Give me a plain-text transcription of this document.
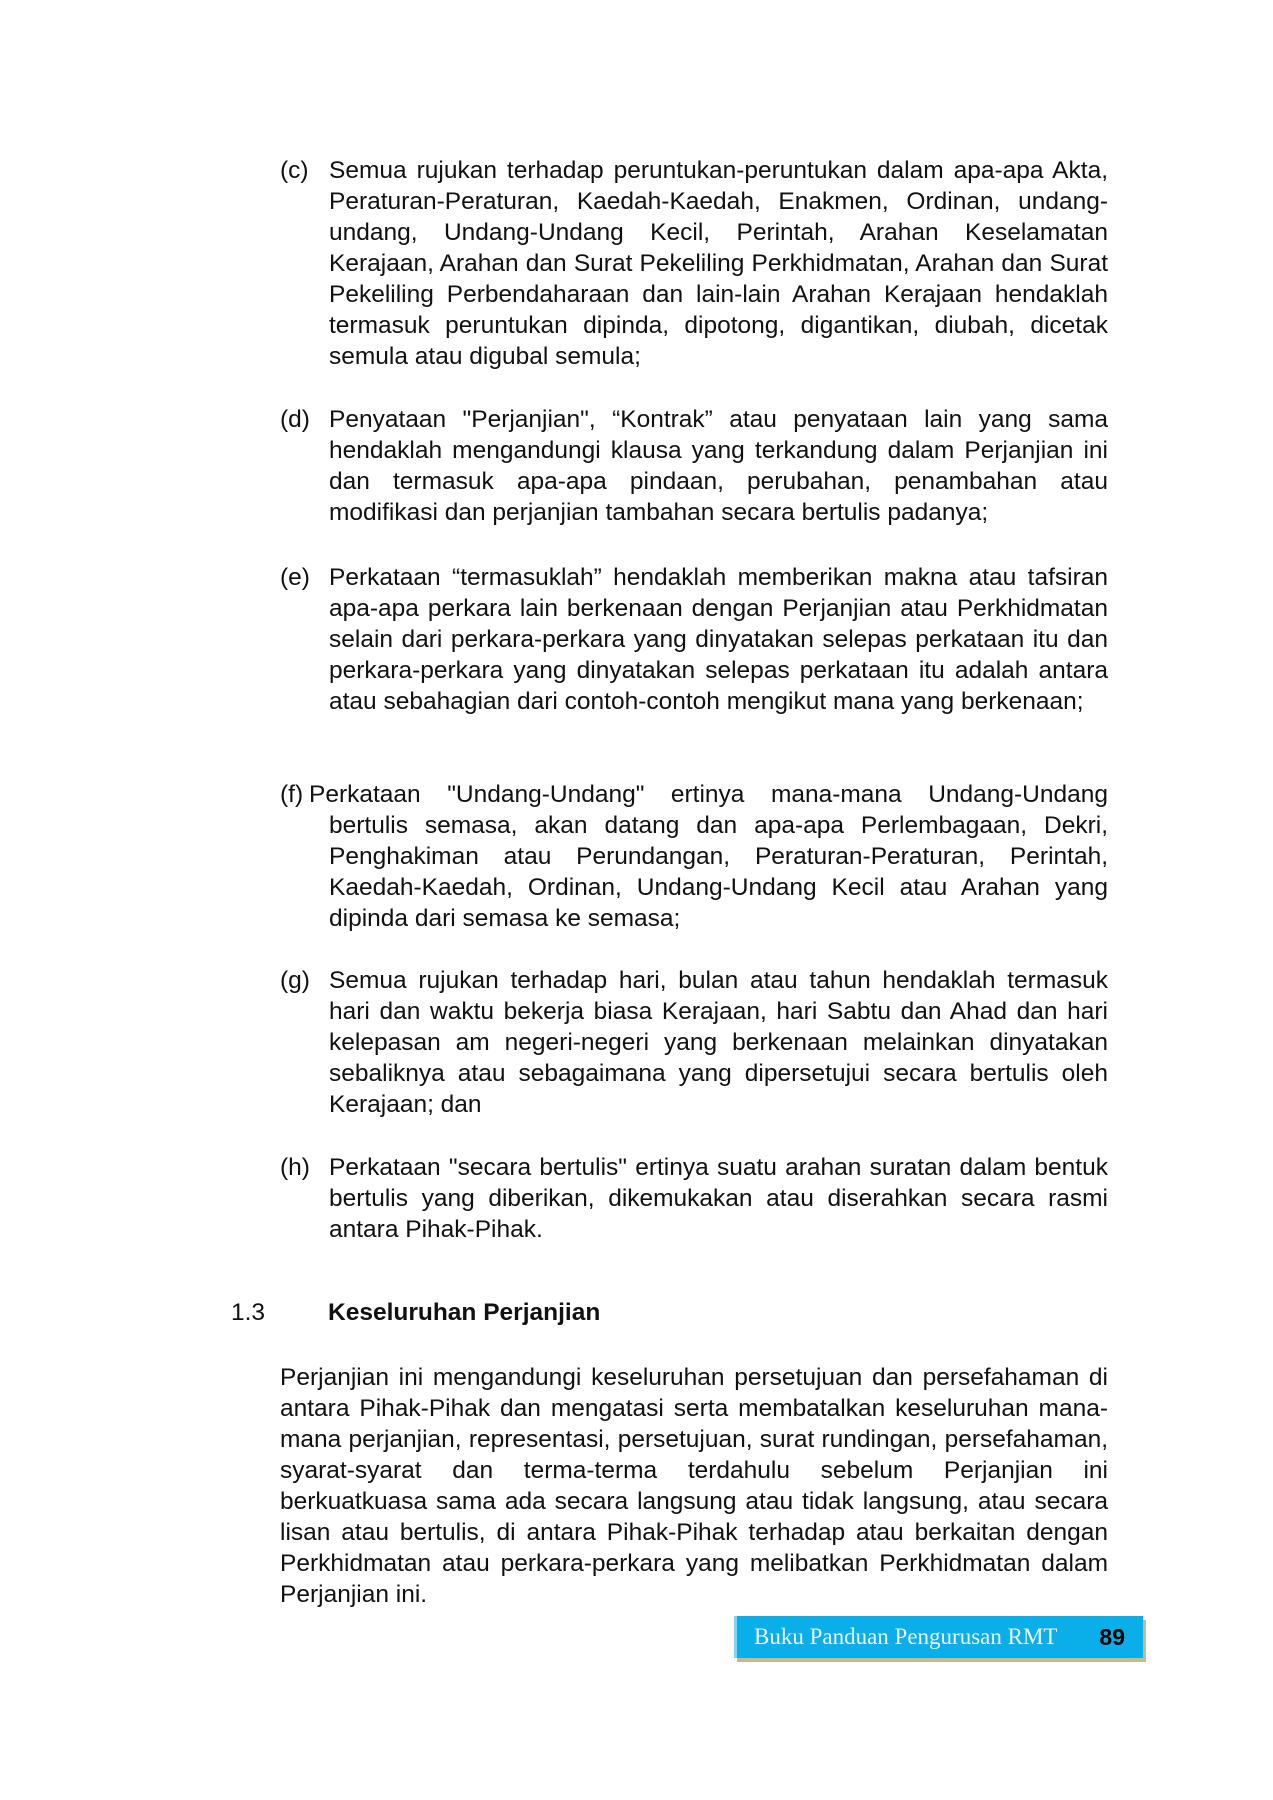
(c) Semua rujukan terhadap peruntukan-peruntukan dalam apa-apa Akta, Peraturan-Peraturan, Kaedah-Kaedah, Enakmen, Ordinan, undang-undang, Undang-Undang Kecil, Perintah, Arahan Keselamatan Kerajaan, Arahan dan Surat Pekeliling Perkhidmatan, Arahan dan Surat Pekeliling Perbendaharaan dan lain-lain Arahan Kerajaan hendaklah termasuk peruntukan dipinda, dipotong, digantikan, diubah, dicetak semula atau digubal semula;
(d) Penyataan "Perjanjian", “Kontrak” atau penyataan lain yang sama hendaklah mengandungi klausa yang terkandung dalam Perjanjian ini dan termasuk apa-apa pindaan, perubahan, penambahan atau modifikasi dan perjanjian tambahan secara bertulis padanya;
(e) Perkataan “termasuklah” hendaklah memberikan makna atau tafsiran apa-apa perkara lain berkenaan dengan Perjanjian atau Perkhidmatan selain dari perkara-perkara yang dinyatakan selepas perkataan itu dan perkara-perkara yang dinyatakan selepas perkataan itu adalah antara atau sebahagian dari contoh-contoh mengikut mana yang berkenaan;
(f) Perkataan "Undang-Undang" ertinya mana-mana Undang-Undang bertulis semasa, akan datang dan apa-apa Perlembagaan, Dekri, Penghakiman atau Perundangan, Peraturan-Peraturan, Perintah, Kaedah-Kaedah, Ordinan, Undang-Undang Kecil atau Arahan yang dipinda dari semasa ke semasa;
(g) Semua rujukan terhadap hari, bulan atau tahun hendaklah termasuk hari dan waktu bekerja biasa Kerajaan, hari Sabtu dan Ahad dan hari kelepasan am negeri-negeri yang berkenaan melainkan dinyatakan sebaliknya atau sebagaimana yang dipersetujui secara bertulis oleh Kerajaan; dan
(h) Perkataan "secara bertulis" ertinya suatu arahan suratan dalam bentuk bertulis yang diberikan, dikemukakan atau diserahkan secara rasmi antara Pihak-Pihak.
1.3	Keseluruhan Perjanjian
Perjanjian ini mengandungi keseluruhan persetujuan dan persefahaman di antara Pihak-Pihak dan mengatasi serta membatalkan keseluruhan mana-mana perjanjian, representasi, persetujuan, surat rundingan, persefahaman, syarat-syarat dan terma-terma terdahulu sebelum Perjanjian ini berkuatkuasa sama ada secara langsung atau tidak langsung, atau secara lisan atau bertulis, di antara Pihak-Pihak terhadap atau berkaitan dengan Perkhidmatan atau perkara-perkara yang melibatkan Perkhidmatan dalam Perjanjian ini.
Buku Panduan Pengurusan RMT 89
